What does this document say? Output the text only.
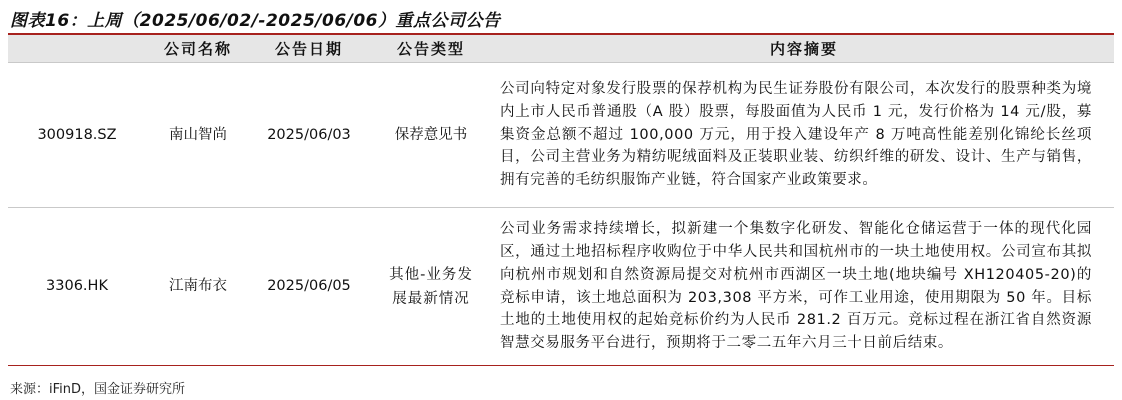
图表16：上周（2025/06/02/-2025/06/06）重点公司公告
	公司名称	公告日期	公告类型	内容摘要
300918.SZ	南山智尚	2025/06/03	保荐意见书	公司向特定对象发行股票的保荐机构为民生证券股份有限公司，本次发行的股票种类为境内上市人民币普通股（A 股）股票，每股面值为人民币 1 元，发行价格为 14 元/股，募集资金总额不超过 100,000 万元，用于投入建设年产 8 万吨高性能差别化锦纶长丝项目，公司主营业务为精纺呢绒面料及正装职业装、纺织纤维的研发、设计、生产与销售，拥有完善的毛纺织服饰产业链，符合国家产业政策要求。
3306.HK	江南布衣	2025/06/05	其他-业务发展最新情况	公司业务需求持续增长，拟新建一个集数字化研发、智能化仓储运营于一体的现代化园区，通过土地招标程序收购位于中华人民共和国杭州市的一块土地使用权。公司宣布其拟向杭州市规划和自然资源局提交对杭州市西湖区一块土地(地块编号 XH120405-20)的竞标申请，该土地总面积为 203,308 平方米，可作工业用途，使用期限为 50 年。目标土地的土地使用权的起始竞标价约为人民币 281.2 百万元。竞标过程在浙江省自然资源智慧交易服务平台进行，预期将于二零二五年六月三十日前后结束。
来源：iFinD，国金证券研究所
